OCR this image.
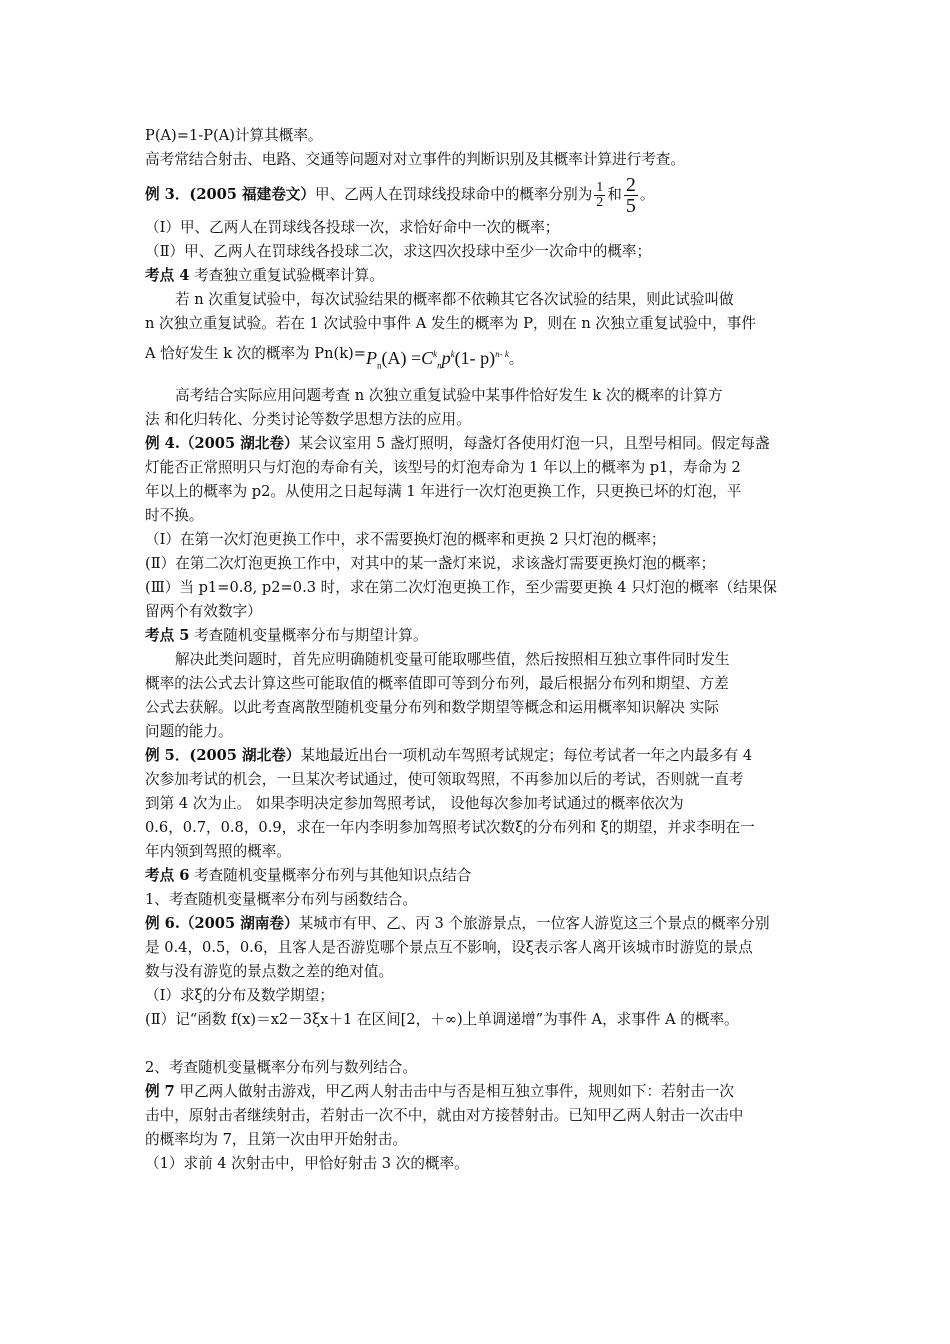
P(A)=1-P(A)计算其概率。

高考常结合射击、电路、交通等问题对对立事件的判断识别及其概率计算进行考查。

例 3．(2005 福建卷文）甲、乙两人在罚球线投球命中的概率分别为 $\frac{1}{2}$ 和 $\frac{2}{5}$ 。

（Ⅰ）甲、乙两人在罚球线各投球一次，求恰好命中一次的概率；

（Ⅱ）甲、乙两人在罚球线各投球二次，求这四次投球中至少一次命中的概率；

考点 4 考查独立重复试验概率计算。

若 n 次重复试验中，每次试验结果的概率都不依赖其它各次试验的结果，则此试验叫做

n 次独立重复试验。若在 1 次试验中事件 A 发生的概率为 P，则在 n 次独立重复试验中，事件

A 恰好发生 k 次的概率为 $Pn(k)=P_n(A) =C^k_np^k(1-$ p)$^{n- k}$。

高考结合实际应用问题考查 n 次独立重复试验中某事件恰好发生 k 次的概率的计算方

法 和化归转化、分类讨论等数学思想方法的应用。

例 4.（2005 湖北卷）某会议室用 5 盏灯照明，每盏灯各使用灯泡一只，且型号相同。假定每盏

灯能否正常照明只与灯泡的寿命有关，该型号的灯泡寿命为 1 年以上的概率为 p1，寿命为 2

年以上的概率为 p2。从使用之日起每满 1 年进行一次灯泡更换工作，只更换已坏的灯泡，平

时不换。

（Ⅰ）在第一次灯泡更换工作中，求不需要换灯泡的概率和更换 2 只灯泡的概率；

(Ⅱ）在第二次灯泡更换工作中，对其中的某一盏灯来说，求该盏灯需要更换灯泡的概率；

(Ⅲ）当 p1=0.8, p2=0.3 时，求在第二次灯泡更换工作，至少需要更换 4 只灯泡的概率（结果保

留两个有效数字）

考点 5 考查随机变量概率分布与期望计算。

解决此类问题时，首先应明确随机变量可能取哪些值，然后按照相互独立事件同时发生

概率的法公式去计算这些可能取值的概率值即可等到分布列，最后根据分布列和期望、方差

公式去获解。以此考查离散型随机变量分布列和数学期望等概念和运用概率知识解决 实际

问题的能力。

例 5．(2005 湖北卷）某地最近出台一项机动车驾照考试规定；每位考试者一年之内最多有 4

次参加考试的机会，一旦某次考试通过，使可领取驾照，不再参加以后的考试，否则就一直考

到第 4 次为止。 如果李明决定参加驾照考试， 设他每次参加考试通过的概率依次为

0.6，0.7，0.8，0.9，求在一年内李明参加驾照考试次数ξ的分布列和 ξ的期望，并求李明在一

年内领到驾照的概率。

考点 6 考查随机变量概率分布列与其他知识点结合

1、考查随机变量概率分布列与函数结合。

例 6.（2005 湖南卷）某城市有甲、乙、丙 3 个旅游景点，一位客人游览这三个景点的概率分别

是 0.4，0.5，0.6，且客人是否游览哪个景点互不影响，设ξ表示客人离开该城市时游览的景点

数与没有游览的景点数之差的绝对值。

（Ⅰ）求ξ的分布及数学期望；

(Ⅱ）记“函数 f(x)＝x2－3ξx＋1 在区间[2，＋∞)上单调递增”为事件 A，求事件 A 的概率。

2、考查随机变量概率分布列与数列结合。

例 7 甲乙两人做射击游戏，甲乙两人射击击中与否是相互独立事件，规则如下：若射击一次

击中，原射击者继续射击，若射击一次不中，就由对方接替射击。已知甲乙两人射击一次击中

的概率均为 7，且第一次由甲开始射击。

（1）求前 4 次射击中，甲恰好射击 3 次的概率。
